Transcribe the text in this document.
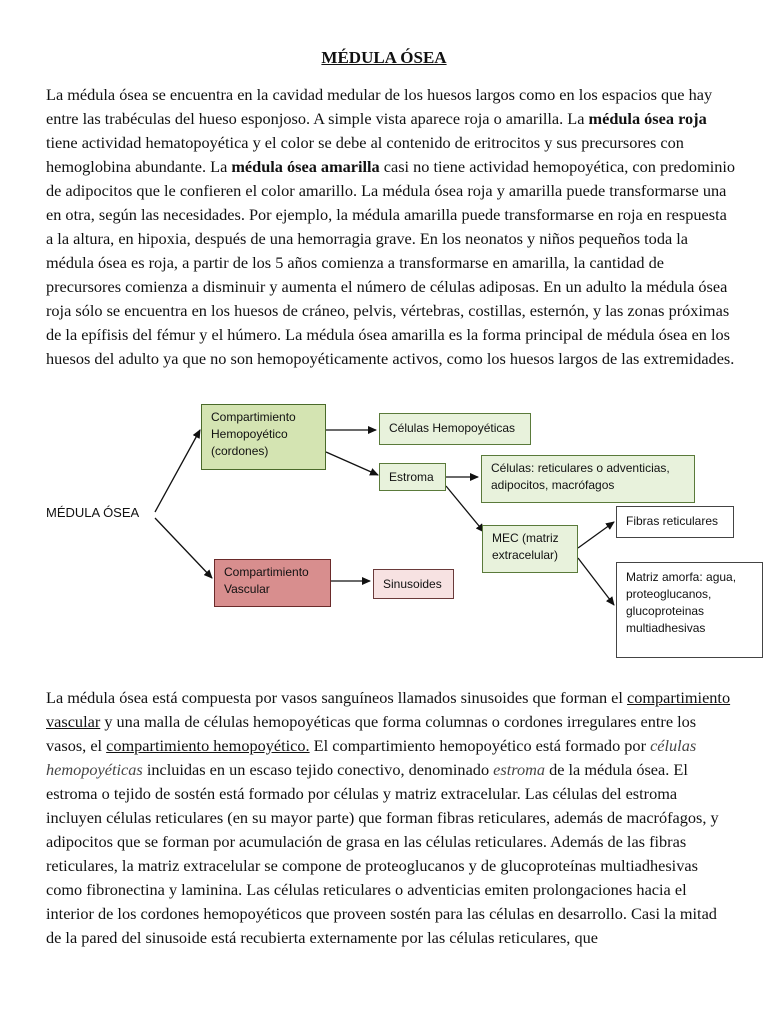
MÉDULA ÓSEA

La médula ósea se encuentra en la cavidad medular de los huesos largos como en los espacios que hay entre las trabéculas del hueso esponjoso. A simple vista aparece roja o amarilla. La médula ósea roja tiene actividad hematopoyética y el color se debe al contenido de eritrocitos y sus precursores con hemoglobina abundante. La médula ósea amarilla casi no tiene actividad hemopoyética, con predominio de adipocitos que le confieren el color amarillo. La médula ósea roja y amarilla puede transformarse una en otra, según las necesidades. Por ejemplo, la médula amarilla puede transformarse en roja en respuesta a la altura, en hipoxia, después de una hemorragia grave. En los neonatos y niños pequeños toda la médula ósea es roja, a partir de los 5 años comienza a transformarse en amarilla, la cantidad de precursores comienza a disminuir y aumenta el número de células adiposas. En un adulto la médula ósea roja sólo se encuentra en los huesos de cráneo, pelvis, vértebras, costillas, esternón, y las zonas próximas de la epífisis del fémur y el húmero. La médula ósea amarilla es la forma principal de médula ósea en los huesos del adulto ya que no son hemopoyéticamente activos, como los huesos largos de las extremidades.

MÉDULA ÓSEA
Compartimiento Hemopoyético (cordones)
Células Hemopoyéticas
Estroma
Células: reticulares o adventicias, adipocitos, macrófagos
MEC (matriz extracelular)
Fibras reticulares
Matriz amorfa: agua, proteoglucanos, glucoproteinas multiadhesivas
Compartimiento Vascular	Sinusoides

La médula ósea está compuesta por vasos sanguíneos llamados sinusoides que forman el compartimiento vascular y una malla de células hemopoyéticas que forma columnas o cordones irregulares entre los vasos, el compartimiento hemopoyético. El compartimiento hemopoyético está formado por células hemopoyéticas incluidas en un escaso tejido conectivo, denominado estroma de la médula ósea. El estroma o tejido de sostén está formado por células y matriz extracelular. Las células del estroma incluyen células reticulares (en su mayor parte) que forman fibras reticulares, además de macrófagos, y adipocitos que se forman por acumulación de grasa en las células reticulares. Además de las fibras reticulares, la matriz extracelular se compone de proteoglucanos y de glucoproteínas multiadhesivas como fibronectina y laminina. Las células reticulares o adventicias emiten prolongaciones hacia el interior de los cordones hemopoyéticos que proveen sostén para las células en desarrollo. Casi la mitad de la pared del sinusoide está recubierta externamente por las células reticulares, que
